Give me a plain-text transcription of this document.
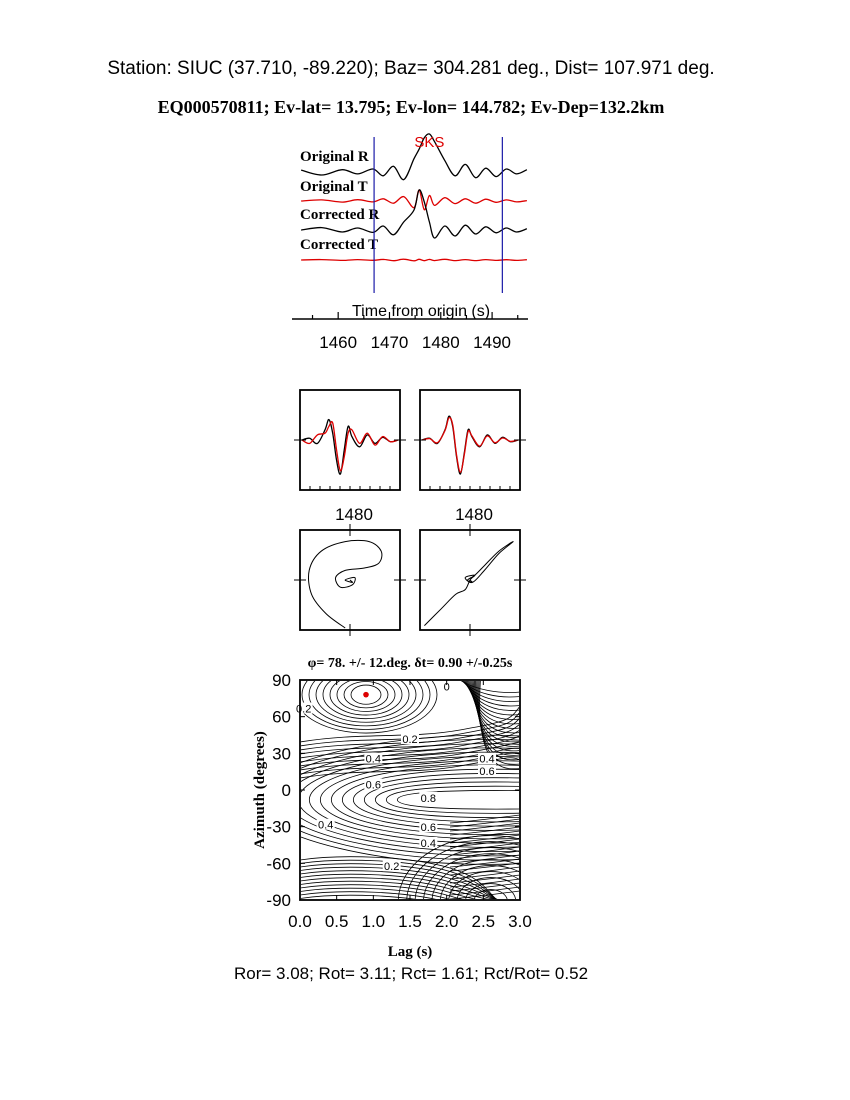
Station: SIUC (37.710, -89.220); Baz= 304.281 deg., Dist= 107.971 deg.
EQ000570811; Ev-lat= 13.795; Ev-lon= 144.782; Ev-Dep=132.2km
Original R
Original T
Corrected R
Corrected T
SKS
Time from origin (s)
1460 1470 1480 1490
1480	1480
0
0.2
0.2
0.4	0.4
0.6
0.6
0.8
0.6
0.4
0.4
0.2
0.0 0.5 1.0 1.5 2.0 2.5 3.0
90
60
30
0
-30
-60
-90
φ= 78. +/- 12.deg. δt= 0.90 +/-0.25s
Lag (s)
Azimuth (degrees)
Ror= 3.08; Rot= 3.11; Rct= 1.61; Rct/Rot= 0.52
